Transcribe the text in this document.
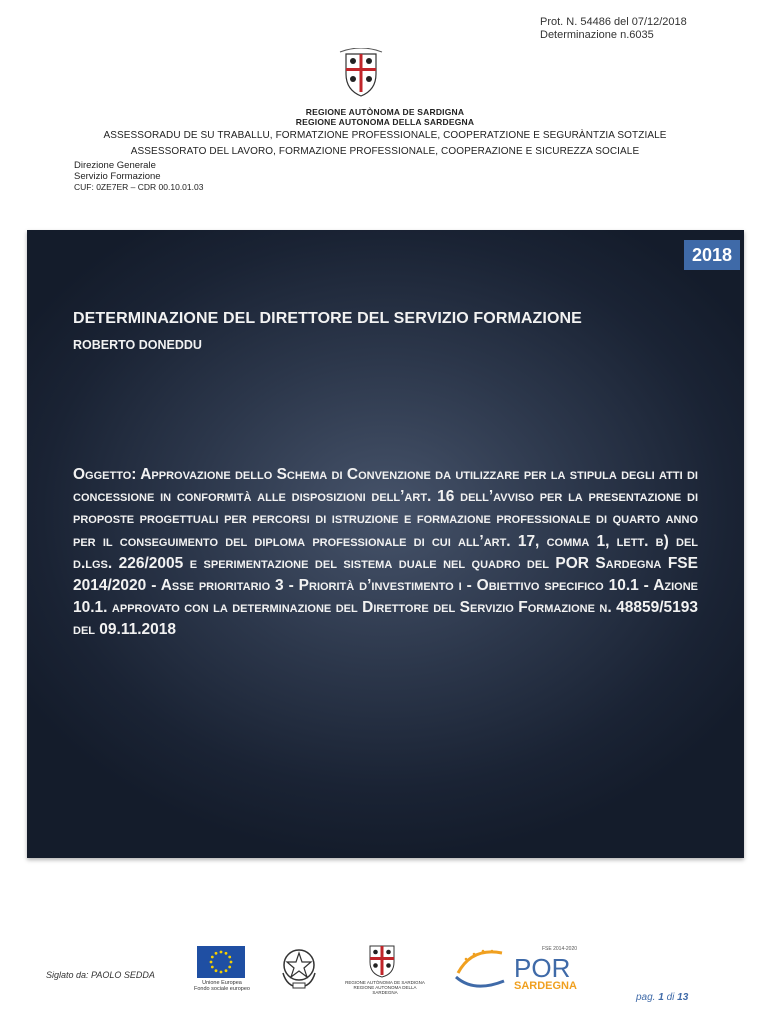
Prot. N. 54486 del 07/12/2018
Determinazione n.6035
REGIONE AUTÒNOMA DE SARDIGNA
REGIONE AUTONOMA DELLA SARDEGNA
ASSESSORADU DE SU TRABALLU, FORMATZIONE PROFESSIONALE, COOPERATZIONE E SEGURÀNTZIA SOTZIALE
ASSESSORATO DEL LAVORO, FORMAZIONE PROFESSIONALE, COOPERAZIONE E SICUREZZA SOCIALE
Direzione Generale
Servizio Formazione
CUF: 0ZE7ER – CDR 00.10.01.03
2018
DETERMINAZIONE DEL DIRETTORE DEL SERVIZIO FORMAZIONE
ROBERTO DONEDDU
Oggetto: Approvazione dello Schema di Convenzione da utilizzare per la stipula degli atti di concessione in conformità alle disposizioni dell’art. 16 dell’avviso per la presentazione di proposte progettuali per percorsi di istruzione e formazione professionale di quarto anno per il conseguimento del diploma professionale di cui all’art. 17, comma 1, lett. b) del d.lgs. 226/2005 e sperimentazione del sistema duale nel quadro del POR Sardegna FSE 2014/2020 - Asse prioritario 3 - Priorità d’investimento i - Obiettivo specifico 10.1 - Azione 10.1. approvato con la determinazione del Direttore del Servizio Formazione n. 48859/5193 del 09.11.2018
Siglato da: PAOLO SEDDA
Unione Europea
Fondo sociale europeo
REGIONE AUTÒNOMA DE SARDIGNA
REGIONE AUTONOMA DELLA SARDEGNA
FSE 2014-2020
POR
SARDEGNA
pag. 1 di 13
